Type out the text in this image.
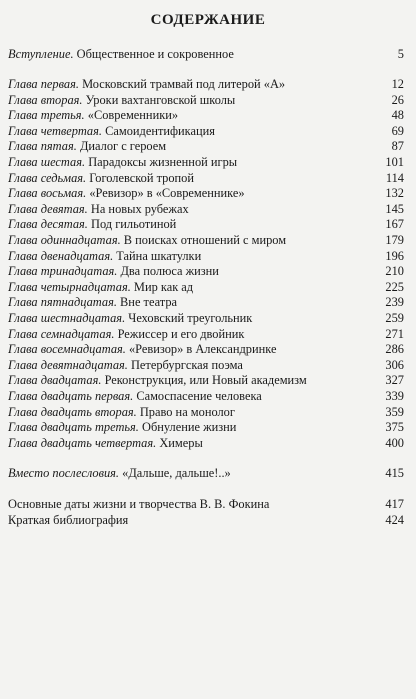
СОДЕРЖАНИЕ
Вступление. Общественное и сокровенное	5
Глава первая. Московский трамвай под литерой «А»	12
Глава вторая. Уроки вахтанговской школы	26
Глава третья. «Современники»	48
Глава четвертая. Самоидентификация	69
Глава пятая. Диалог с героем	87
Глава шестая. Парадоксы жизненной игры	101
Глава седьмая. Гоголевской тропой	114
Глава восьмая. «Ревизор» в «Современнике»	132
Глава девятая. На новых рубежах	145
Глава десятая. Под гильотиной	167
Глава одиннадцатая. В поисках отношений с миром	179
Глава двенадцатая. Тайна шкатулки	196
Глава тринадцатая. Два полюса жизни	210
Глава четырнадцатая. Мир как ад	225
Глава пятнадцатая. Вне театра	239
Глава шестнадцатая. Чеховский треугольник	259
Глава семнадцатая. Режиссер и его двойник	271
Глава восемнадцатая. «Ревизор» в Александринке	286
Глава девятнадцатая. Петербургская поэма	306
Глава двадцатая. Реконструкция, или Новый академизм	327
Глава двадцать первая. Самоспасение человека	339
Глава двадцать вторая. Право на монолог	359
Глава двадцать третья. Обнуление жизни	375
Глава двадцать четвертая. Химеры	400
Вместо послесловия. «Дальше, дальше!..»	415
Основные даты жизни и творчества В. В. Фокина	417
Краткая библиография	424
